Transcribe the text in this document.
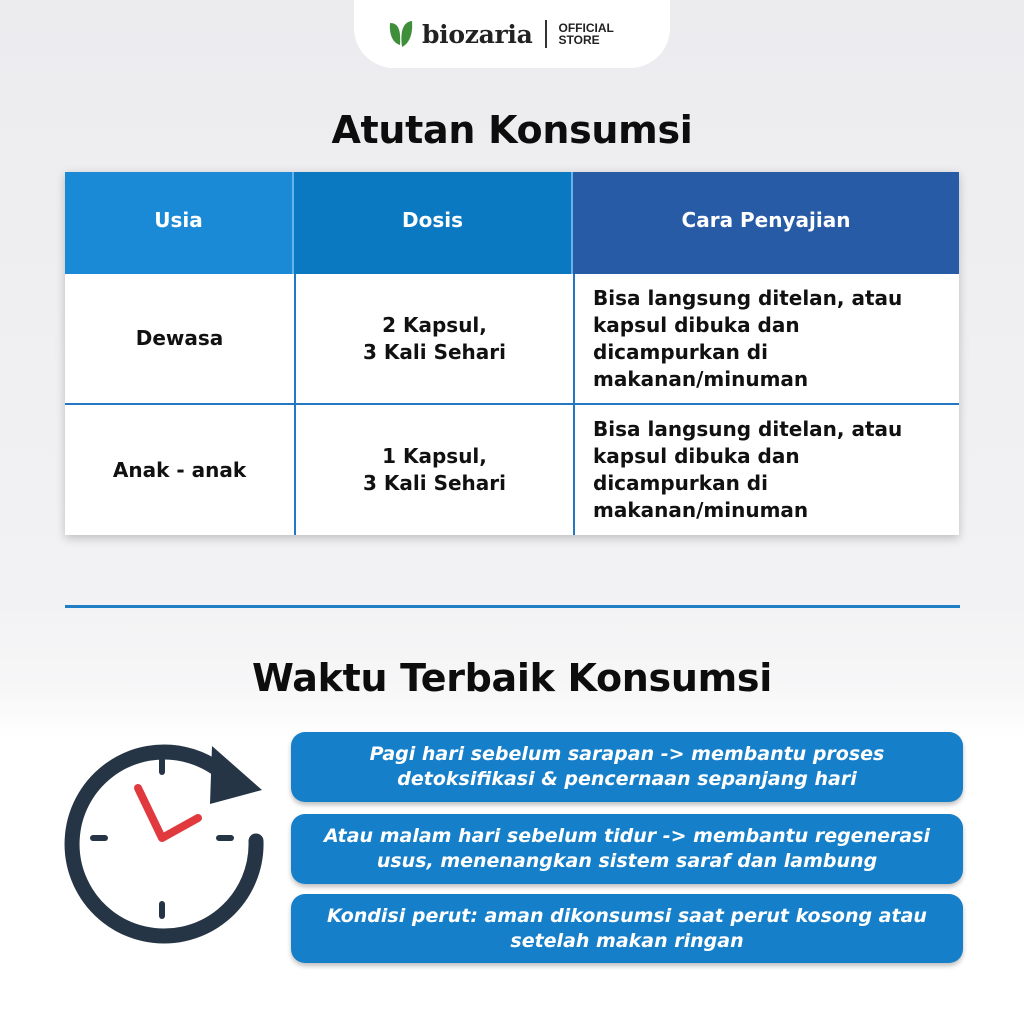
biozaria OFFICIAL STORE
Atutan Konsumsi
Usia	Dosis	Cara Penyajian
Dewasa
2 Kapsul,
3 Kali Sehari
Bisa langsung ditelan, atau kapsul dibuka dan dicampurkan di makanan/minuman
Anak - anak
1 Kapsul,
3 Kali Sehari
Bisa langsung ditelan, atau kapsul dibuka dan dicampurkan di makanan/minuman
Waktu Terbaik Konsumsi
Pagi hari sebelum sarapan -> membantu proses detoksifikasi & pencernaan sepanjang hari
Atau malam hari sebelum tidur -> membantu regenerasi usus, menenangkan sistem saraf dan lambung
Kondisi perut: aman dikonsumsi saat perut kosong atau setelah makan ringan
